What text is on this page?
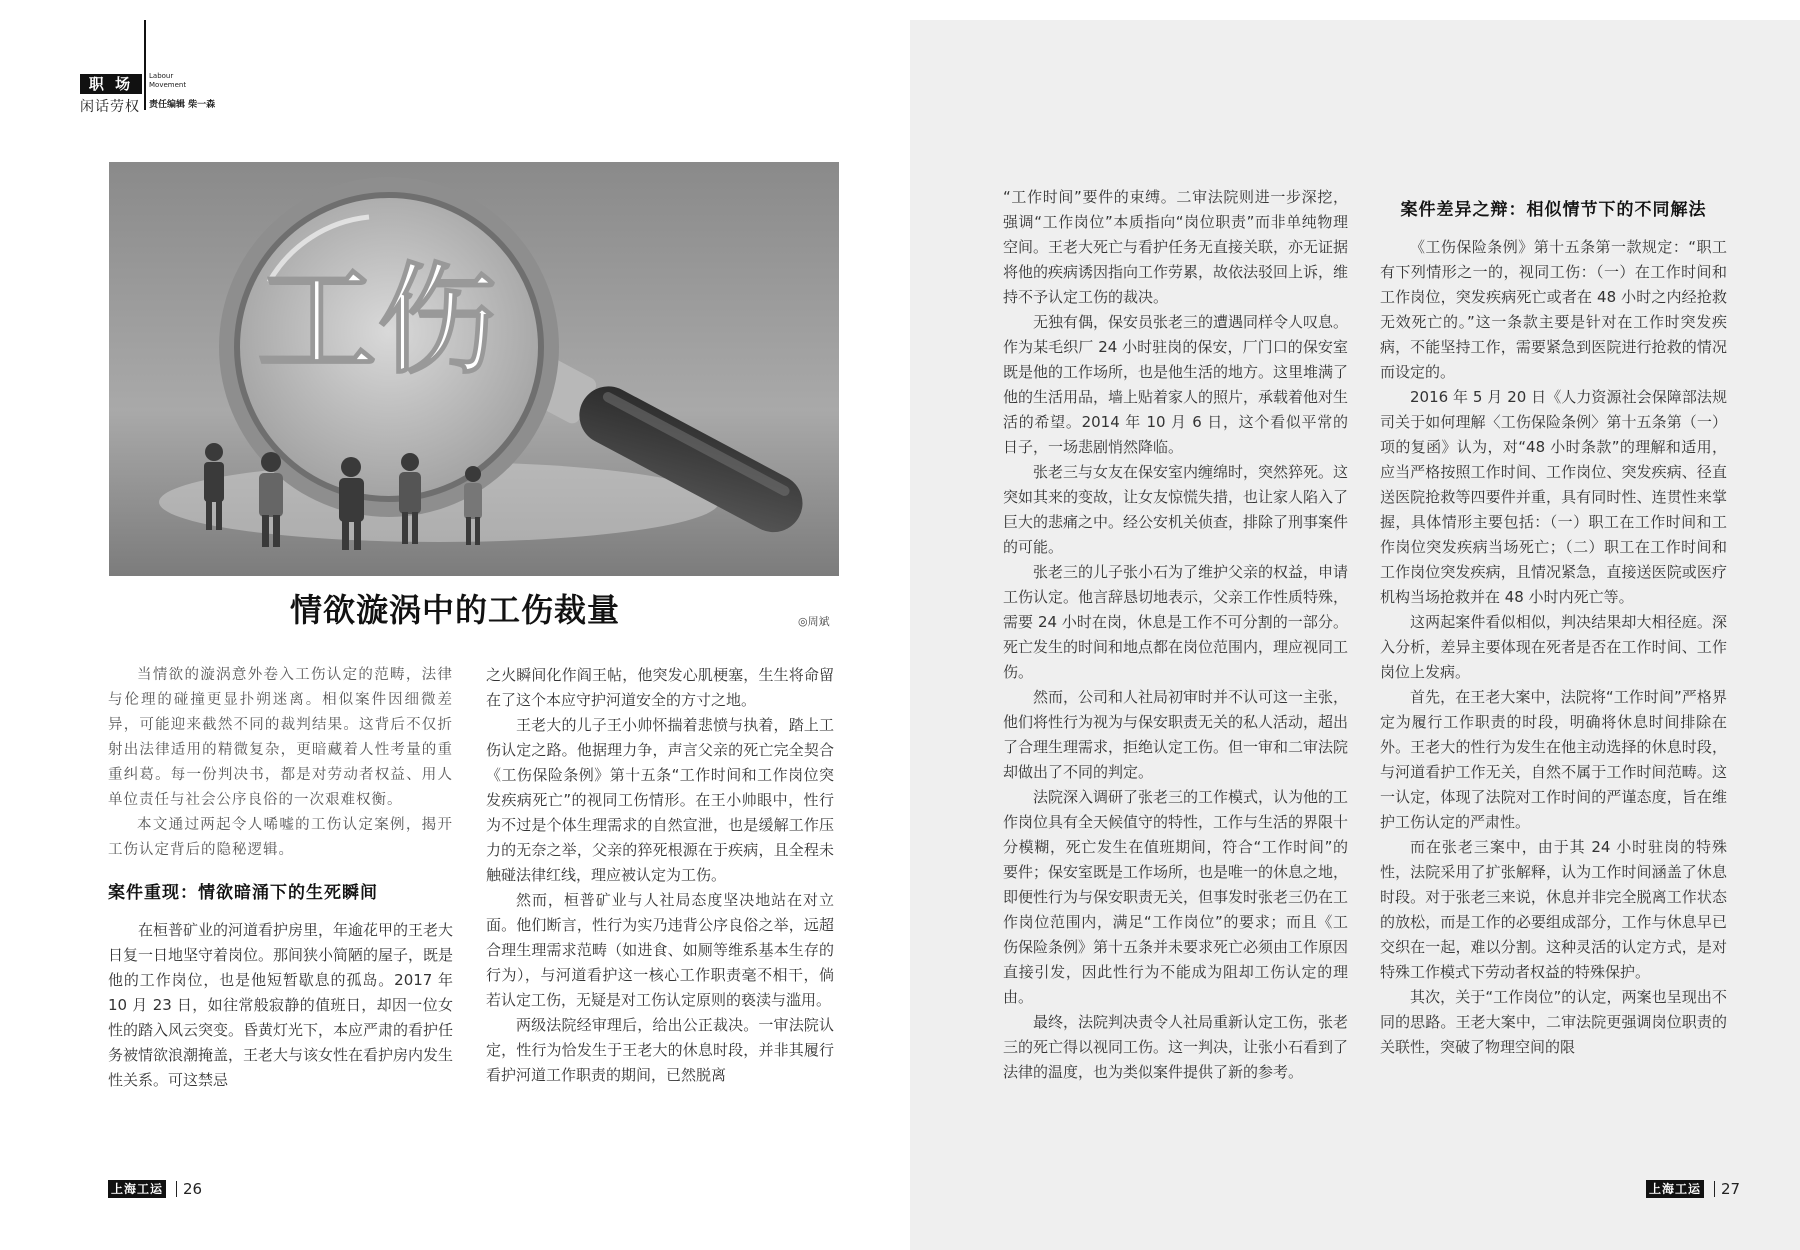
职 场
闲话劳权
Labour
Movement
责任编辑 柴一森
工伤
情欲漩涡中的工伤裁量	◎周斌

当情欲的漩涡意外卷入工伤认定的范畴，法律与伦理的碰撞更显扑朔迷离。相似案件因细微差异，可能迎来截然不同的裁判结果。这背后不仅折射出法律适用的精微复杂，更暗藏着人性考量的重重纠葛。每一份判决书，都是对劳动者权益、用人单位责任与社会公序良俗的一次艰难权衡。

本文通过两起令人唏嘘的工伤认定案例，揭开工伤认定背后的隐秘逻辑。

案件重现：情欲暗涌下的生死瞬间

在桓普矿业的河道看护房里，年逾花甲的王老大日复一日地坚守着岗位。那间狭小简陋的屋子，既是他的工作岗位，也是他短暂歇息的孤岛。2017 年 10 月 23 日，如往常般寂静的值班日，却因一位女性的踏入风云突变。昏黄灯光下，本应严肃的看护任务被情欲浪潮掩盖，王老大与该女性在看护房内发生性关系。可这禁忌

之火瞬间化作阎王帖，他突发心肌梗塞，生生将命留在了这个本应守护河道安全的方寸之地。

王老大的儿子王小帅怀揣着悲愤与执着，踏上工伤认定之路。他据理力争，声言父亲的死亡完全契合《工伤保险条例》第十五条“工作时间和工作岗位突发疾病死亡”的视同工伤情形。在王小帅眼中，性行为不过是个体生理需求的自然宣泄，也是缓解工作压力的无奈之举，父亲的猝死根源在于疾病，且全程未触碰法律红线，理应被认定为工伤。

然而，桓普矿业与人社局态度坚决地站在对立面。他们断言，性行为实乃违背公序良俗之举，远超合理生理需求范畴（如进食、如厕等维系基本生存的行为），与河道看护这一核心工作职责毫不相干，倘若认定工伤，无疑是对工伤认定原则的亵渎与滥用。

两级法院经审理后，给出公正裁决。一审法院认定，性行为恰发生于王老大的休息时段，并非其履行看护河道工作职责的期间，已然脱离

上海工运 26

“工作时间”要件的束缚。二审法院则进一步深挖，强调“工作岗位”本质指向“岗位职责”而非单纯物理空间。王老大死亡与看护任务无直接关联，亦无证据将他的疾病诱因指向工作劳累，故依法驳回上诉，维持不予认定工伤的裁决。

无独有偶，保安员张老三的遭遇同样令人叹息。作为某毛织厂 24 小时驻岗的保安，厂门口的保安室既是他的工作场所，也是他生活的地方。这里堆满了他的生活用品，墙上贴着家人的照片，承载着他对生活的希望。2014 年 10 月 6 日，这个看似平常的日子，一场悲剧悄然降临。

张老三与女友在保安室内缠绵时，突然猝死。这突如其来的变故，让女友惊慌失措，也让家人陷入了巨大的悲痛之中。经公安机关侦查，排除了刑事案件的可能。

张老三的儿子张小石为了维护父亲的权益，申请工伤认定。他言辞恳切地表示，父亲工作性质特殊，需要 24 小时在岗，休息是工作不可分割的一部分。死亡发生的时间和地点都在岗位范围内，理应视同工伤。

然而，公司和人社局初审时并不认可这一主张，他们将性行为视为与保安职责无关的私人活动，超出了合理生理需求，拒绝认定工伤。但一审和二审法院却做出了不同的判定。

法院深入调研了张老三的工作模式，认为他的工作岗位具有全天候值守的特性，工作与生活的界限十分模糊，死亡发生在值班期间，符合“工作时间”的要件；保安室既是工作场所，也是唯一的休息之地，即便性行为与保安职责无关，但事发时张老三仍在工作岗位范围内，满足“工作岗位”的要求；而且《工伤保险条例》第十五条并未要求死亡必须由工作原因直接引发，因此性行为不能成为阻却工伤认定的理由。

最终，法院判决责令人社局重新认定工伤，张老三的死亡得以视同工伤。这一判决，让张小石看到了法律的温度，也为类似案件提供了新的参考。

案件差异之辩：相似情节下的不同解法

《工伤保险条例》第十五条第一款规定：“职工有下列情形之一的，视同工伤：（一）在工作时间和工作岗位，突发疾病死亡或者在 48 小时之内经抢救无效死亡的。”这一条款主要是针对在工作时突发疾病，不能坚持工作，需要紧急到医院进行抢救的情况而设定的。

2016 年 5 月 20 日《人力资源社会保障部法规司关于如何理解〈工伤保险条例〉第十五条第（一）项的复函》认为，对“48 小时条款”的理解和适用，应当严格按照工作时间、工作岗位、突发疾病、径直送医院抢救等四要件并重，具有同时性、连贯性来掌握，具体情形主要包括：（一）职工在工作时间和工作岗位突发疾病当场死亡；（二）职工在工作时间和工作岗位突发疾病，且情况紧急，直接送医院或医疗机构当场抢救并在 48 小时内死亡等。

这两起案件看似相似，判决结果却大相径庭。深入分析，差异主要体现在死者是否在工作时间、工作岗位上发病。

首先，在王老大案中，法院将“工作时间”严格界定为履行工作职责的时段，明确将休息时间排除在外。王老大的性行为发生在他主动选择的休息时段，与河道看护工作无关，自然不属于工作时间范畴。这一认定，体现了法院对工作时间的严谨态度，旨在维护工伤认定的严肃性。

而在张老三案中，由于其 24 小时驻岗的特殊性，法院采用了扩张解释，认为工作时间涵盖了休息时段。对于张老三来说，休息并非完全脱离工作状态的放松，而是工作的必要组成部分，工作与休息早已交织在一起，难以分割。这种灵活的认定方式，是对特殊工作模式下劳动者权益的特殊保护。

其次，关于“工作岗位”的认定，两案也呈现出不同的思路。王老大案中，二审法院更强调岗位职责的关联性，突破了物理空间的限

上海工运 27
